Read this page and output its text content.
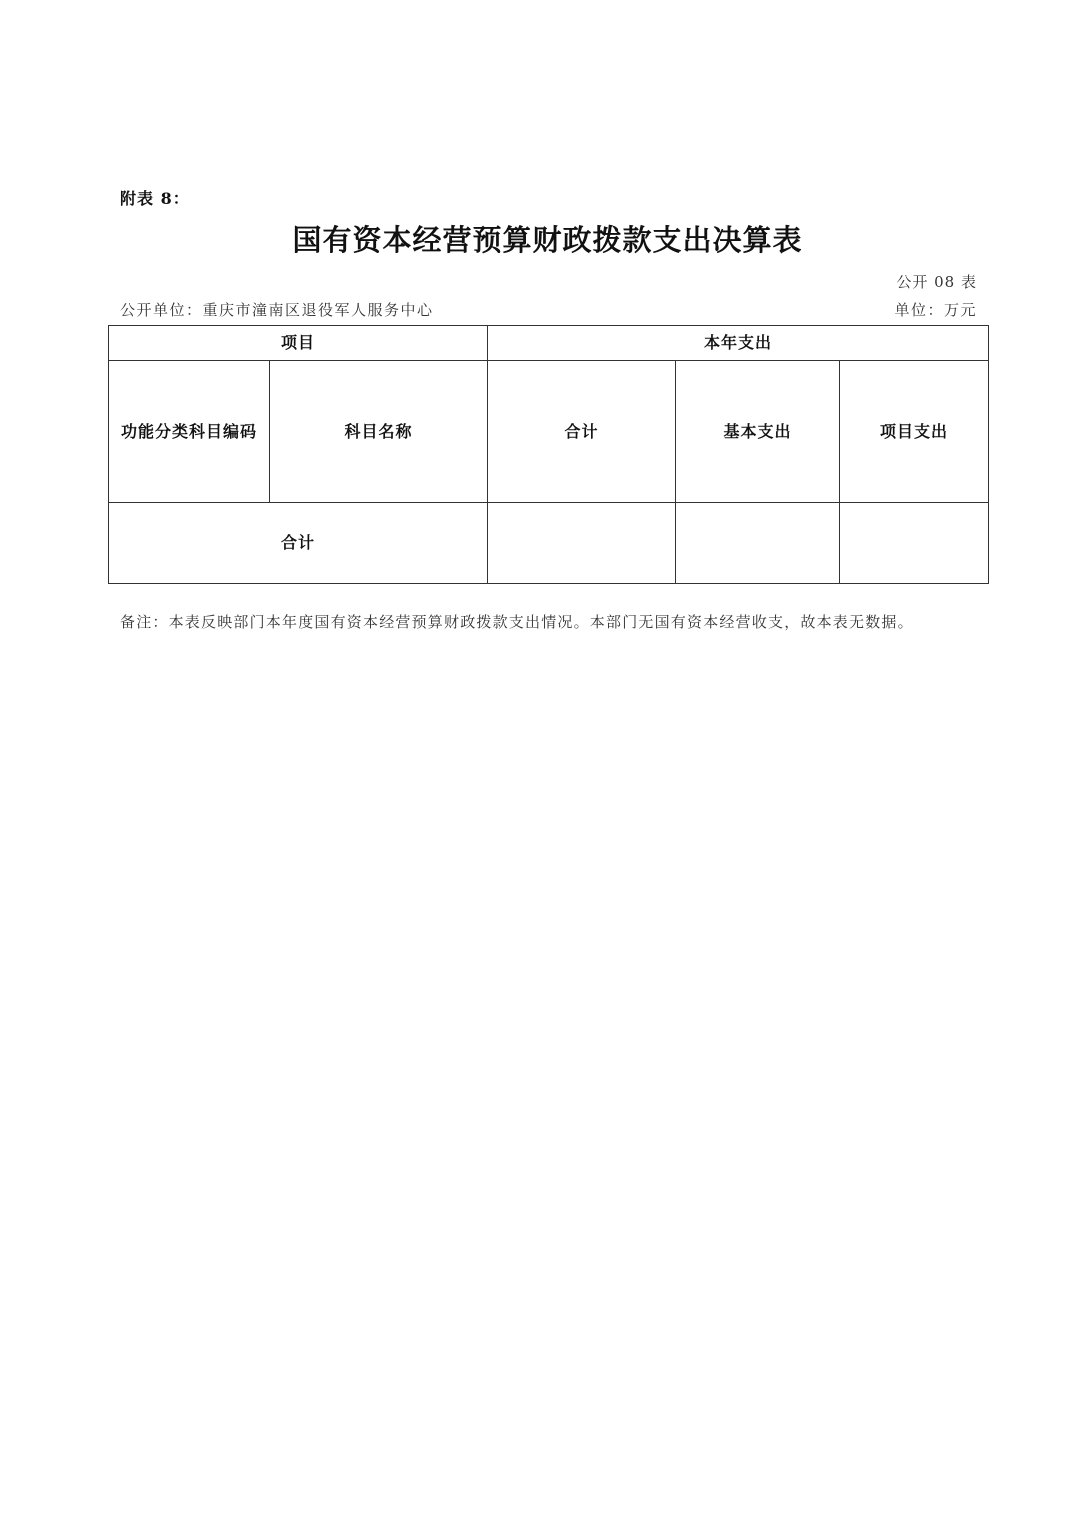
附表 8：
国有资本经营预算财政拨款支出决算表
公开 08 表
公开单位：重庆市潼南区退役军人服务中心	单位：万元
项目		本年支出		
功能分类科目编码	科目名称	合计	基本支出	项目支出
合计				
备注：本表反映部门本年度国有资本经营预算财政拨款支出情况。本部门无国有资本经营收支，故本表无数据。
